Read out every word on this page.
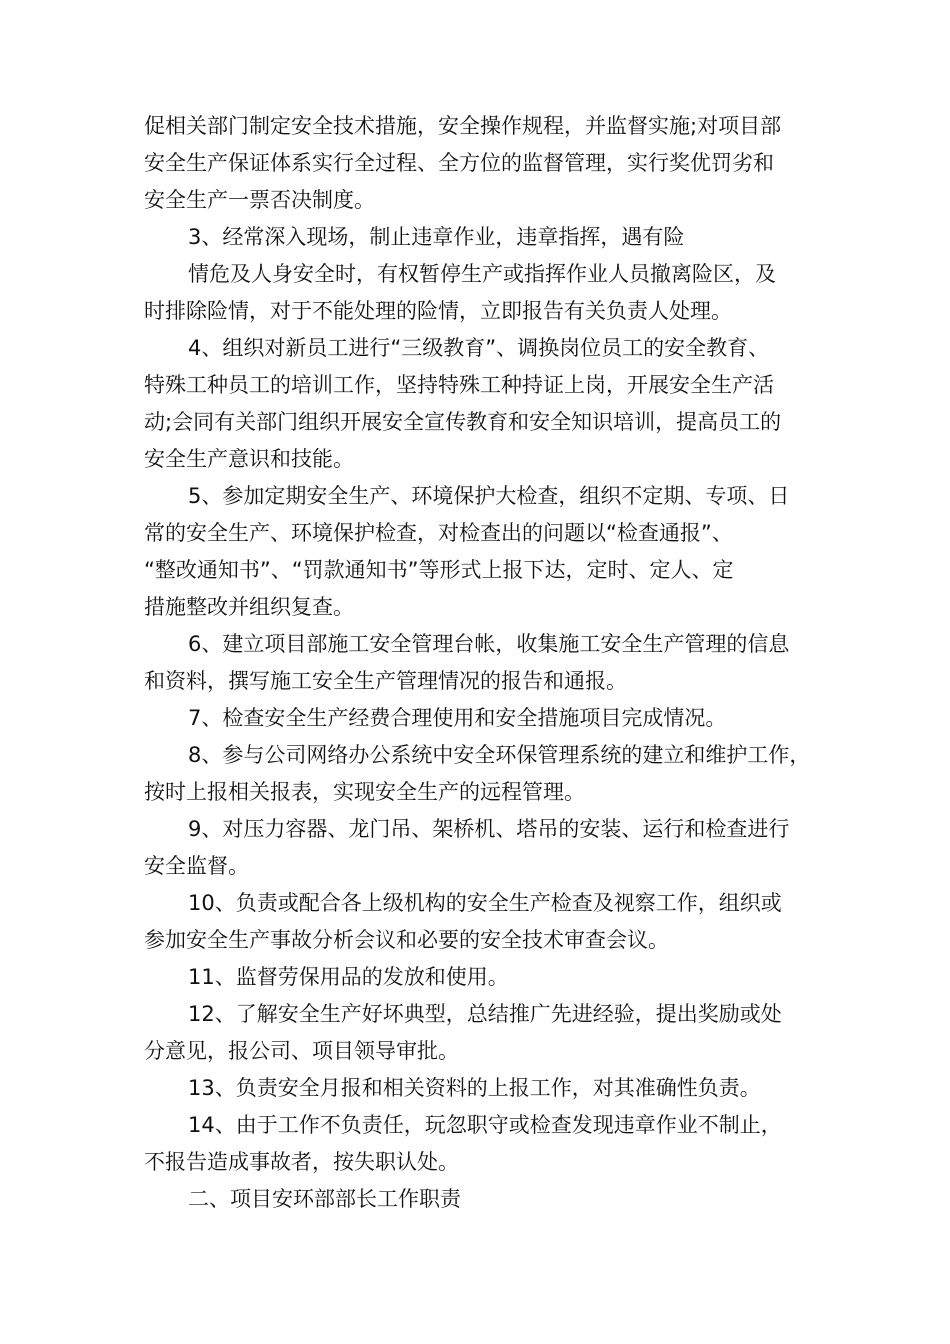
促相关部门制定安全技术措施，安全操作规程，并监督实施;对项目部
安全生产保证体系实行全过程、全方位的监督管理，实行奖优罚劣和
安全生产一票否决制度。
3、经常深入现场，制止违章作业，违章指挥，遇有险
情危及人身安全时，有权暂停生产或指挥作业人员撤离险区，及
时排除险情，对于不能处理的险情，立即报告有关负责人处理。
4、组织对新员工进行“三级教育”、调换岗位员工的安全教育、
特殊工种员工的培训工作，坚持特殊工种持证上岗，开展安全生产活
动;会同有关部门组织开展安全宣传教育和安全知识培训，提高员工的
安全生产意识和技能。
5、参加定期安全生产、环境保护大检查，组织不定期、专项、日
常的安全生产、环境保护检查，对检查出的问题以“检查通报”、
“整改通知书”、“罚款通知书”等形式上报下达，定时、定人、定
措施整改并组织复查。
6、建立项目部施工安全管理台帐，收集施工安全生产管理的信息
和资料，撰写施工安全生产管理情况的报告和通报。
7、检查安全生产经费合理使用和安全措施项目完成情况。
8、参与公司网络办公系统中安全环保管理系统的建立和维护工作，
按时上报相关报表，实现安全生产的远程管理。
9、对压力容器、龙门吊、架桥机、塔吊的安装、运行和检查进行
安全监督。
10、负责或配合各上级机构的安全生产检查及视察工作，组织或
参加安全生产事故分析会议和必要的安全技术审查会议。
11、监督劳保用品的发放和使用。
12、了解安全生产好坏典型，总结推广先进经验，提出奖励或处
分意见，报公司、项目领导审批。
13、负责安全月报和相关资料的上报工作，对其准确性负责。
14、由于工作不负责任，玩忽职守或检查发现违章作业不制止，
不报告造成事故者，按失职认处。
二、项目安环部部长工作职责
